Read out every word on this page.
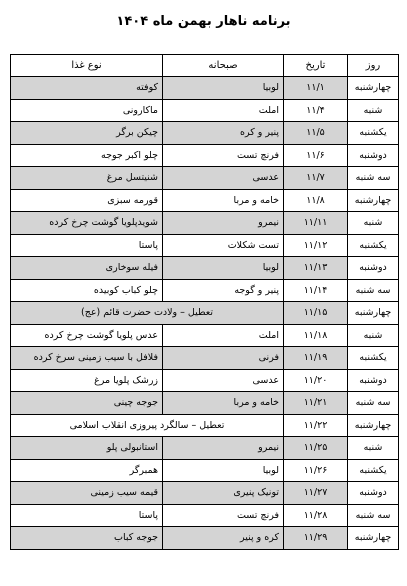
برنامه ناهار بهمن ماه ۱۴۰۴
روز	تاریخ	صبحانه	نوع غذا
چهارشنبه	۱۱/۱	لوبیا	کوفته
شنبه	۱۱/۴	املت	ماکارونی
یکشنبه	۱۱/۵	پنیر و کره	چیکن برگر
دوشنبه	۱۱/۶	فرنچ تست	چلو اکبر جوجه
سه شنبه	۱۱/۷	عدسی	شنیتسل مرغ
چهارشنبه	۱۱/۸	خامه و مربا	قورمه سبزی
شنبه	۱۱/۱۱	نیمرو	شویدپلویا گوشت چرخ کرده
یکشنبه	۱۱/۱۲	تست شکلات	پاستا
دوشنبه	۱۱/۱۳	لوبیا	فیله سوخاری
سه شنبه	۱۱/۱۴	پنیر و گوجه	چلو کباب کوبیده
چهارشنبه	۱۱/۱۵	تعطیل – ولادت حضرت قائم (عج)	
شنبه	۱۱/۱۸	املت	عدس پلویا گوشت چرخ کرده
یکشنبه	۱۱/۱۹	فرنی	فلافل با سیب زمینی سرخ کرده
دوشنبه	۱۱/۲۰	عدسی	زرشک پلویا مرغ
سه شنبه	۱۱/۲۱	خامه و مربا	جوجه چینی
چهارشنبه	۱۱/۲۲	تعطیل – سالگرد پیروزی انقلاب اسلامی	
شنبه	۱۱/۲۵	نیمرو	استانبولی پلو
یکشنبه	۱۱/۲۶	لوبیا	همبرگر
دوشنبه	۱۱/۲۷	تونیک پنیری	قیمه سیب زمینی
سه شنبه	۱۱/۲۸	فرنچ تست	پاستا
چهارشنبه	۱۱/۲۹	کره و پنیر	جوجه کباب
